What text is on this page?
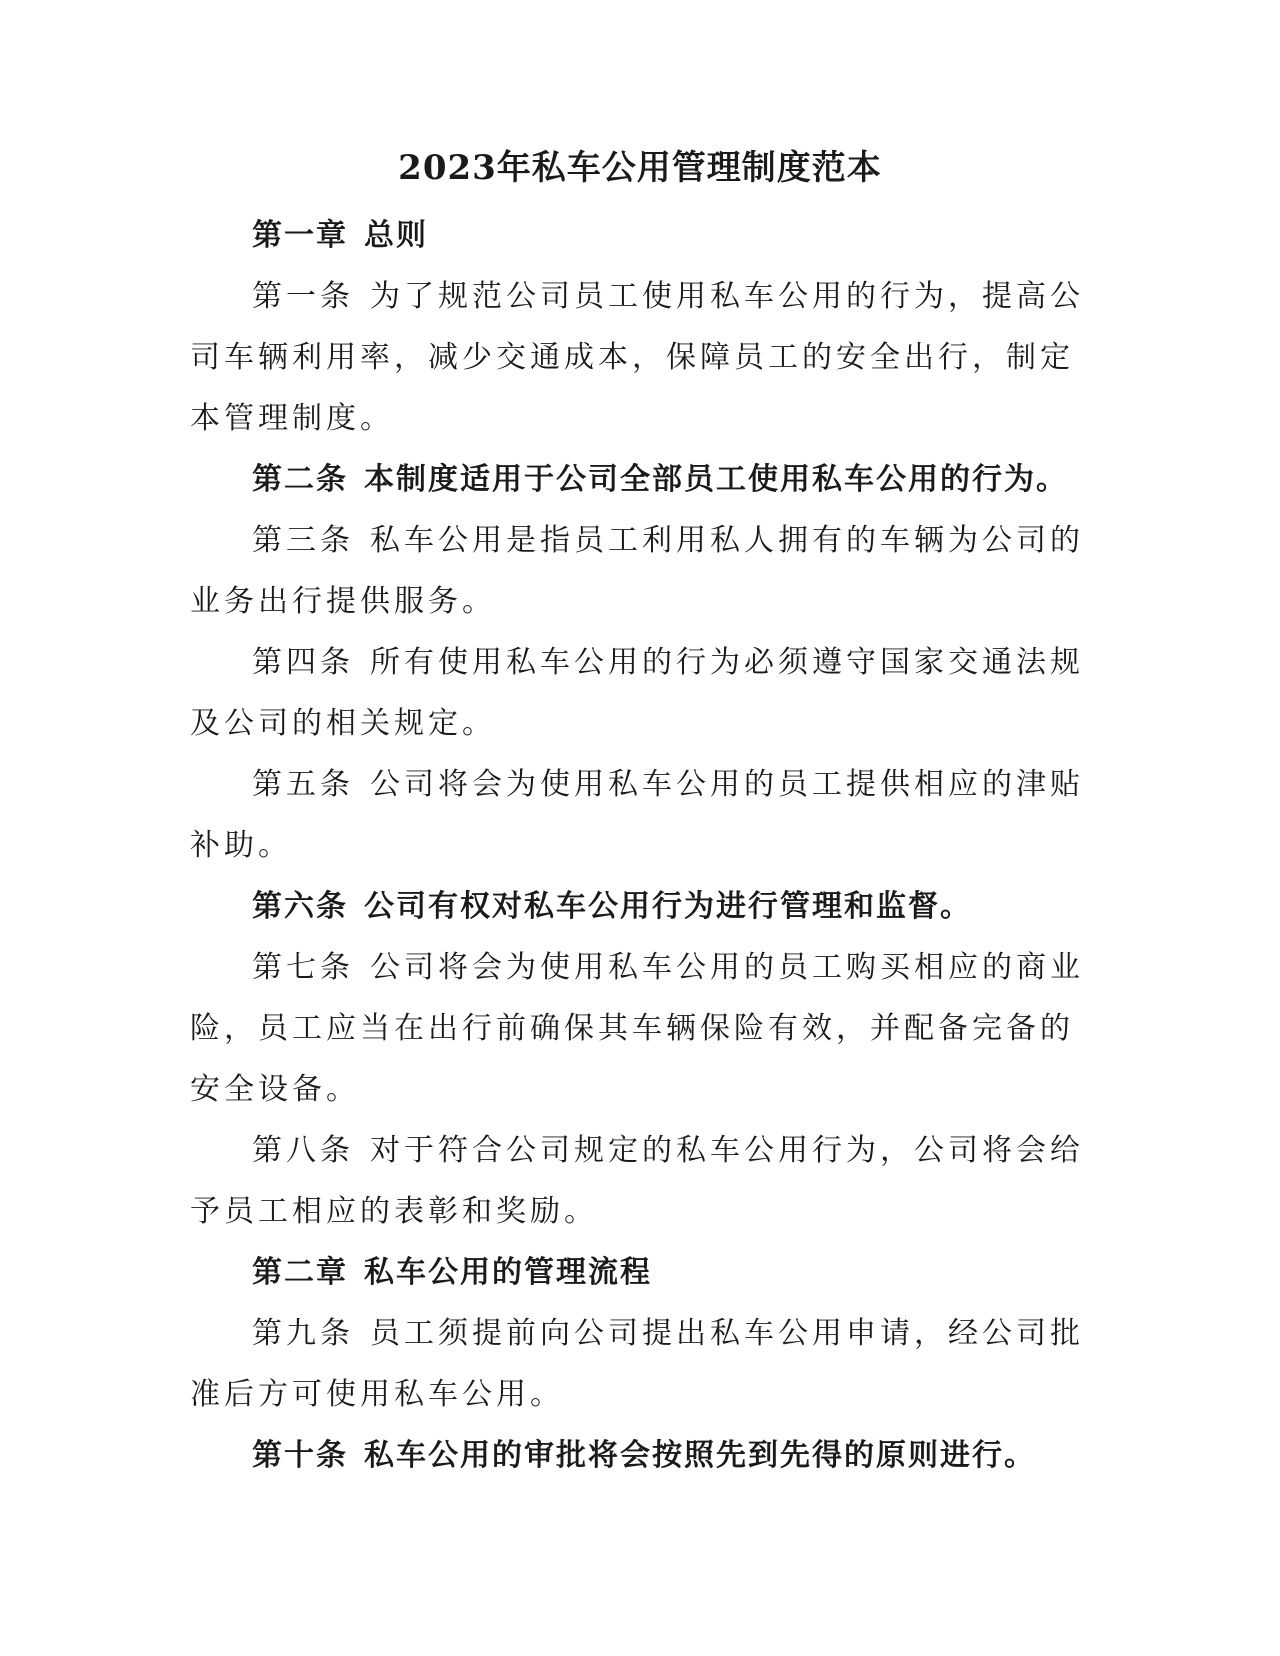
2023年私车公用管理制度范本

第一章 总则

第一条 为了规范公司员工使用私车公用的行为，提高公司车辆利用率，减少交通成本，保障员工的安全出行，制定本管理制度。

第二条 本制度适用于公司全部员工使用私车公用的行为。

第三条 私车公用是指员工利用私人拥有的车辆为公司的业务出行提供服务。

第四条 所有使用私车公用的行为必须遵守国家交通法规及公司的相关规定。

第五条 公司将会为使用私车公用的员工提供相应的津贴补助。

第六条 公司有权对私车公用行为进行管理和监督。

第七条 公司将会为使用私车公用的员工购买相应的商业险，员工应当在出行前确保其车辆保险有效，并配备完备的安全设备。

第八条 对于符合公司规定的私车公用行为，公司将会给予员工相应的表彰和奖励。

第二章 私车公用的管理流程

第九条 员工须提前向公司提出私车公用申请，经公司批准后方可使用私车公用。

第十条 私车公用的审批将会按照先到先得的原则进行。
